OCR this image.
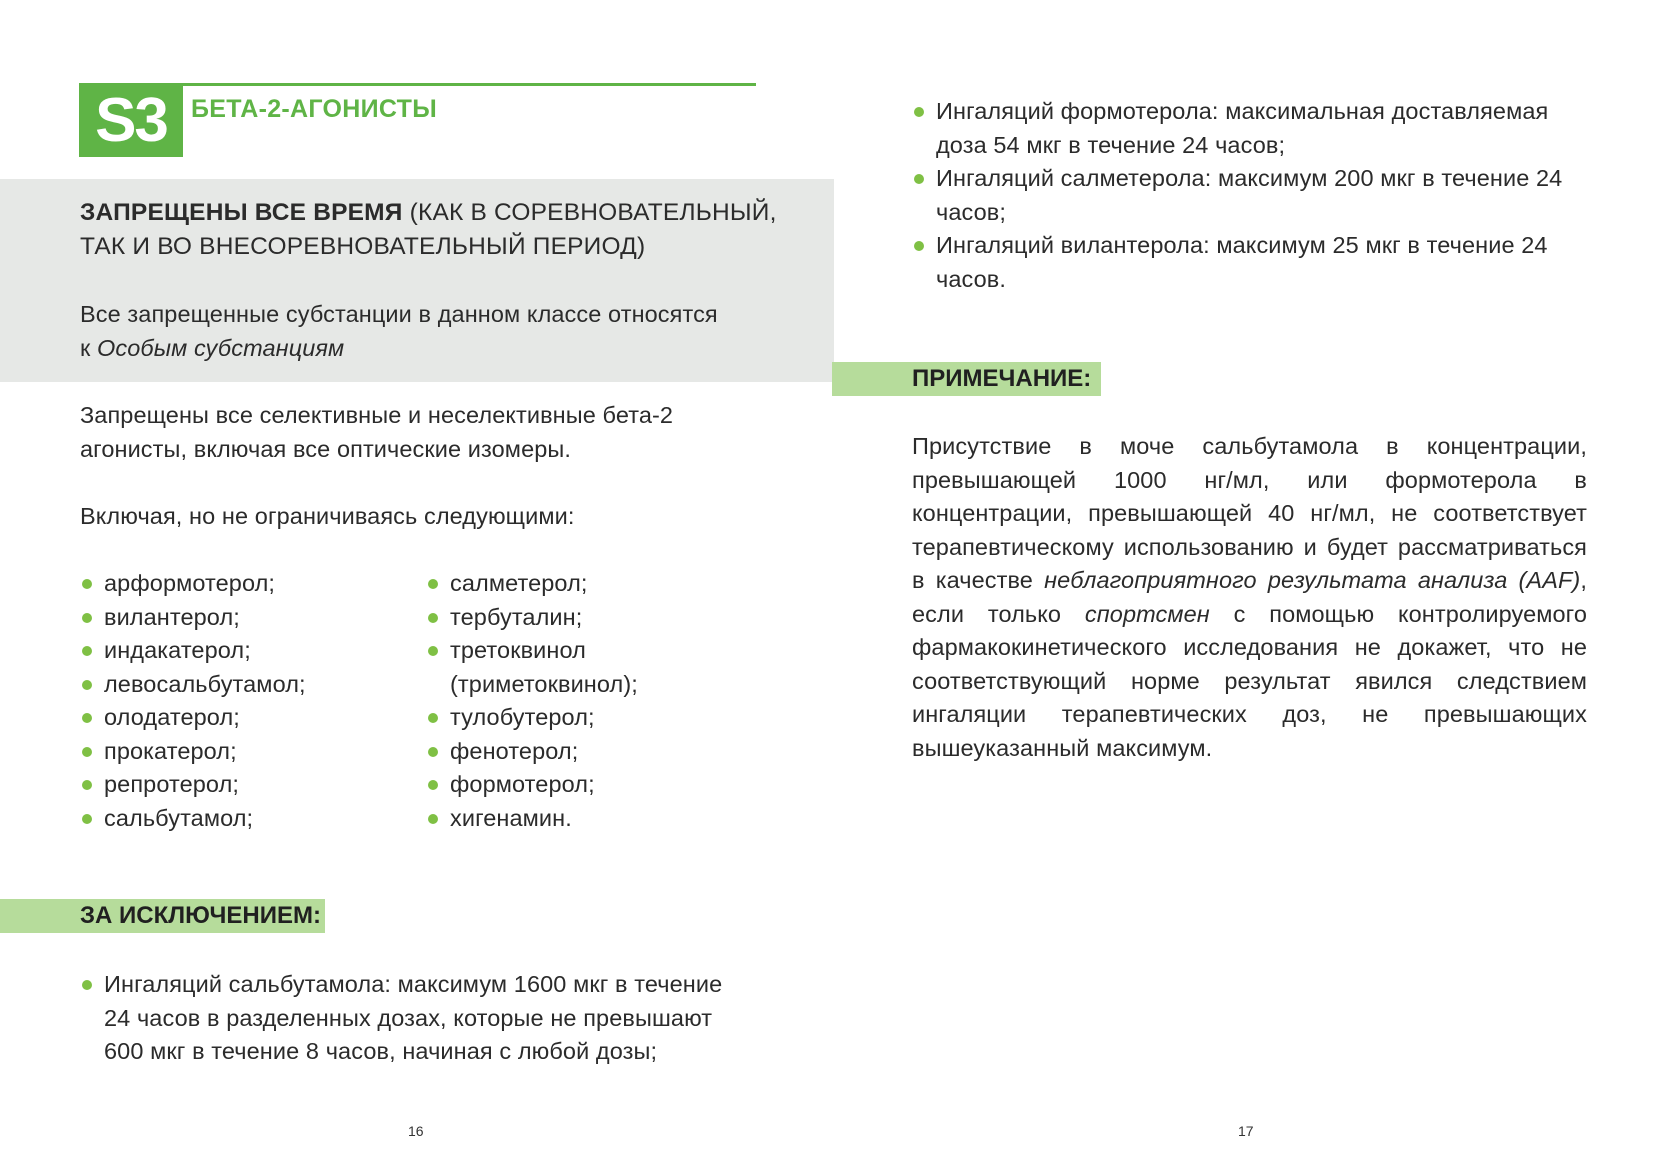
S3 БЕТА-2-АГОНИСТЫ
ЗАПРЕЩЕНЫ ВСЕ ВРЕМЯ (КАК В СОРЕВНОВАТЕЛЬНЫЙ,
ТАК И ВО ВНЕСОРЕВНОВАТЕЛЬНЫЙ ПЕРИОД)
Все запрещенные субстанции в данном классе относятся
к Особым субстанциям
Запрещены все селективные и неселективные бета-2 агонисты, включая все оптические изомеры.
Включая, но не ограничиваясь следующими:
арформотерол;
вилантерол;
индакатерол;
левосальбутамол;
олодатерол;
прокатерол;
репротерол;
сальбутамол;
салметерол;
тербуталин;
третоквинол (триметоквинол);
тулобутерол;
фенотерол;
формотерол;
хигенамин.
ЗА ИСКЛЮЧЕНИЕМ:
Ингаляций сальбутамола: максимум 1600 мкг в течение 24 часов в разделенных дозах, которые не превышают 600 мкг в течение 8 часов, начиная с любой дозы;
16
Ингаляций формотерола: максимальная доставляемая доза 54 мкг в течение 24 часов;
Ингаляций салметерола: максимум 200 мкг в течение 24 часов;
Ингаляций вилантерола: максимум 25 мкг в течение 24 часов.
ПРИМЕЧАНИЕ:
Присутствие в моче сальбутамола в концентрации, превышающей 1000 нг/мл, или формотерола в концентрации, превышающей 40 нг/мл, не соответствует терапевтическому использованию и будет рассматриваться в качестве неблагоприятного результата анализа (AAF), если только спортсмен с помощью контролируемого фармакокинетического исследования не докажет, что не соответствующий норме результат явился следствием ингаляции терапевтических доз, не превышающих вышеуказанный максимум.
17
